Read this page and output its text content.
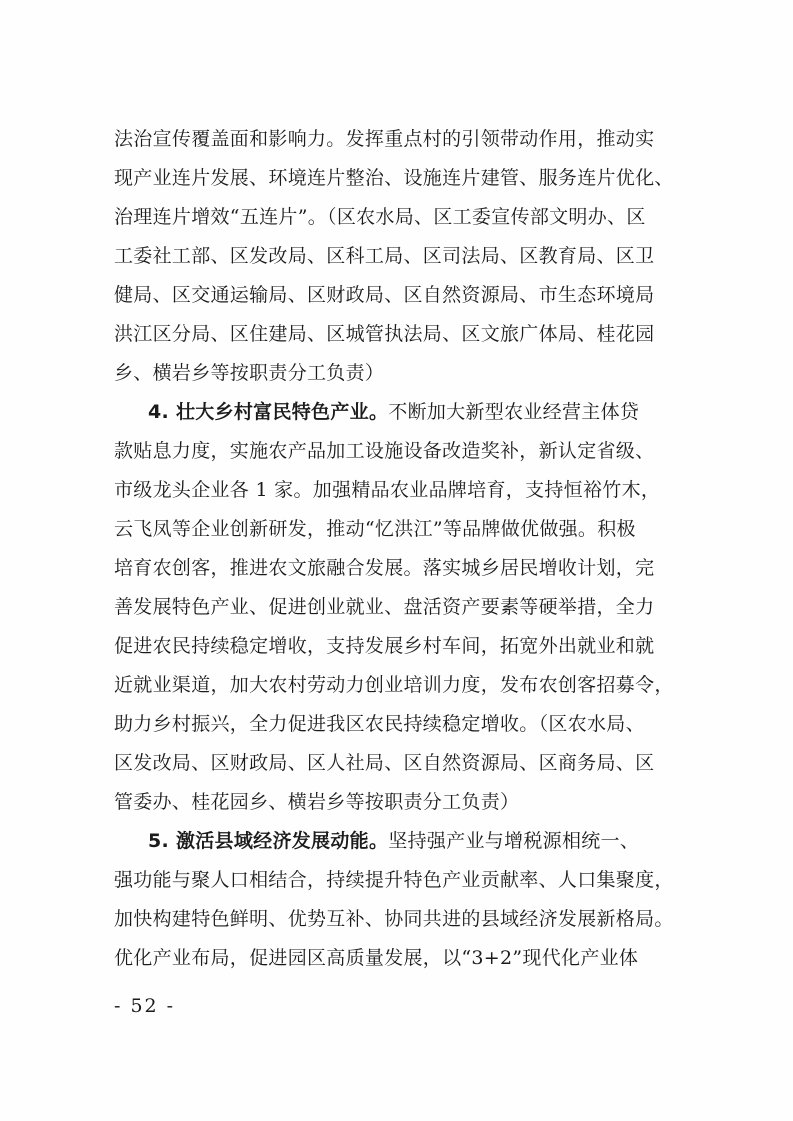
法治宣传覆盖面和影响力。发挥重点村的引领带动作用，推动实
现产业连片发展、环境连片整治、设施连片建管、服务连片优化、
治理连片增效“五连片”。（区农水局、区工委宣传部文明办、区
工委社工部、区发改局、区科工局、区司法局、区教育局、区卫
健局、区交通运输局、区财政局、区自然资源局、市生态环境局
洪江区分局、区住建局、区城管执法局、区文旅广体局、桂花园
乡、横岩乡等按职责分工负责）
4. 壮大乡村富民特色产业。不断加大新型农业经营主体贷
款贴息力度，实施农产品加工设施设备改造奖补，新认定省级、
市级龙头企业各 1 家。加强精品农业品牌培育，支持恒裕竹木，
云飞凤等企业创新研发，推动“忆洪江”等品牌做优做强。积极
培育农创客，推进农文旅融合发展。落实城乡居民增收计划，完
善发展特色产业、促进创业就业、盘活资产要素等硬举措，全力
促进农民持续稳定增收，支持发展乡村车间，拓宽外出就业和就
近就业渠道，加大农村劳动力创业培训力度，发布农创客招募令，
助力乡村振兴，全力促进我区农民持续稳定增收。（区农水局、
区发改局、区财政局、区人社局、区自然资源局、区商务局、区
管委办、桂花园乡、横岩乡等按职责分工负责）
5. 激活县域经济发展动能。坚持强产业与增税源相统一、
强功能与聚人口相结合，持续提升特色产业贡献率、人口集聚度，
加快构建特色鲜明、优势互补、协同共进的县域经济发展新格局。
优化产业布局，促进园区高质量发展，以“3+2”现代化产业体
- 52 -
